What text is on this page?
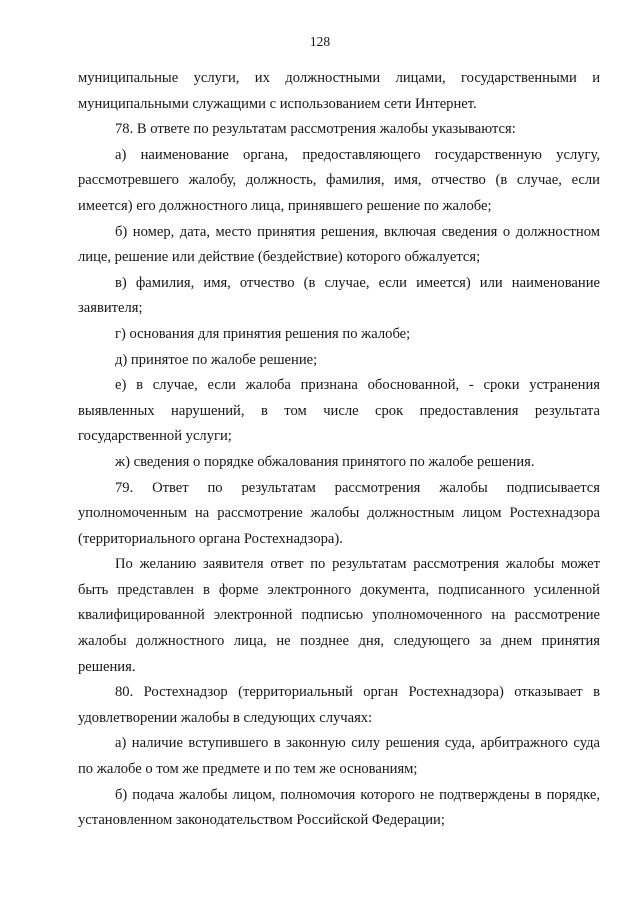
128

муниципальные услуги, их должностными лицами, государственными и муниципальными служащими с использованием сети Интернет.

78. В ответе по результатам рассмотрения жалобы указываются:

а) наименование органа, предоставляющего государственную услугу, рассмотревшего жалобу, должность, фамилия, имя, отчество (в случае, если имеется) его должностного лица, принявшего решение по жалобе;

б) номер, дата, место принятия решения, включая сведения о должностном лице, решение или действие (бездействие) которого обжалуется;

в) фамилия, имя, отчество (в случае, если имеется) или наименование заявителя;

г) основания для принятия решения по жалобе;

д) принятое по жалобе решение;

е) в случае, если жалоба признана обоснованной, - сроки устранения выявленных нарушений, в том числе срок предоставления результата государственной услуги;

ж) сведения о порядке обжалования принятого по жалобе решения.

79. Ответ по результатам рассмотрения жалобы подписывается уполномоченным на рассмотрение жалобы должностным лицом Ростехнадзора (территориального органа Ростехнадзора).

По желанию заявителя ответ по результатам рассмотрения жалобы может быть представлен в форме электронного документа, подписанного усиленной квалифицированной электронной подписью уполномоченного на рассмотрение жалобы должностного лица, не позднее дня, следующего за днем принятия решения.

80. Ростехнадзор (территориальный орган Ростехнадзора) отказывает в удовлетворении жалобы в следующих случаях:

а) наличие вступившего в законную силу решения суда, арбитражного суда по жалобе о том же предмете и по тем же основаниям;

б) подача жалобы лицом, полномочия которого не подтверждены в порядке, установленном законодательством Российской Федерации;
